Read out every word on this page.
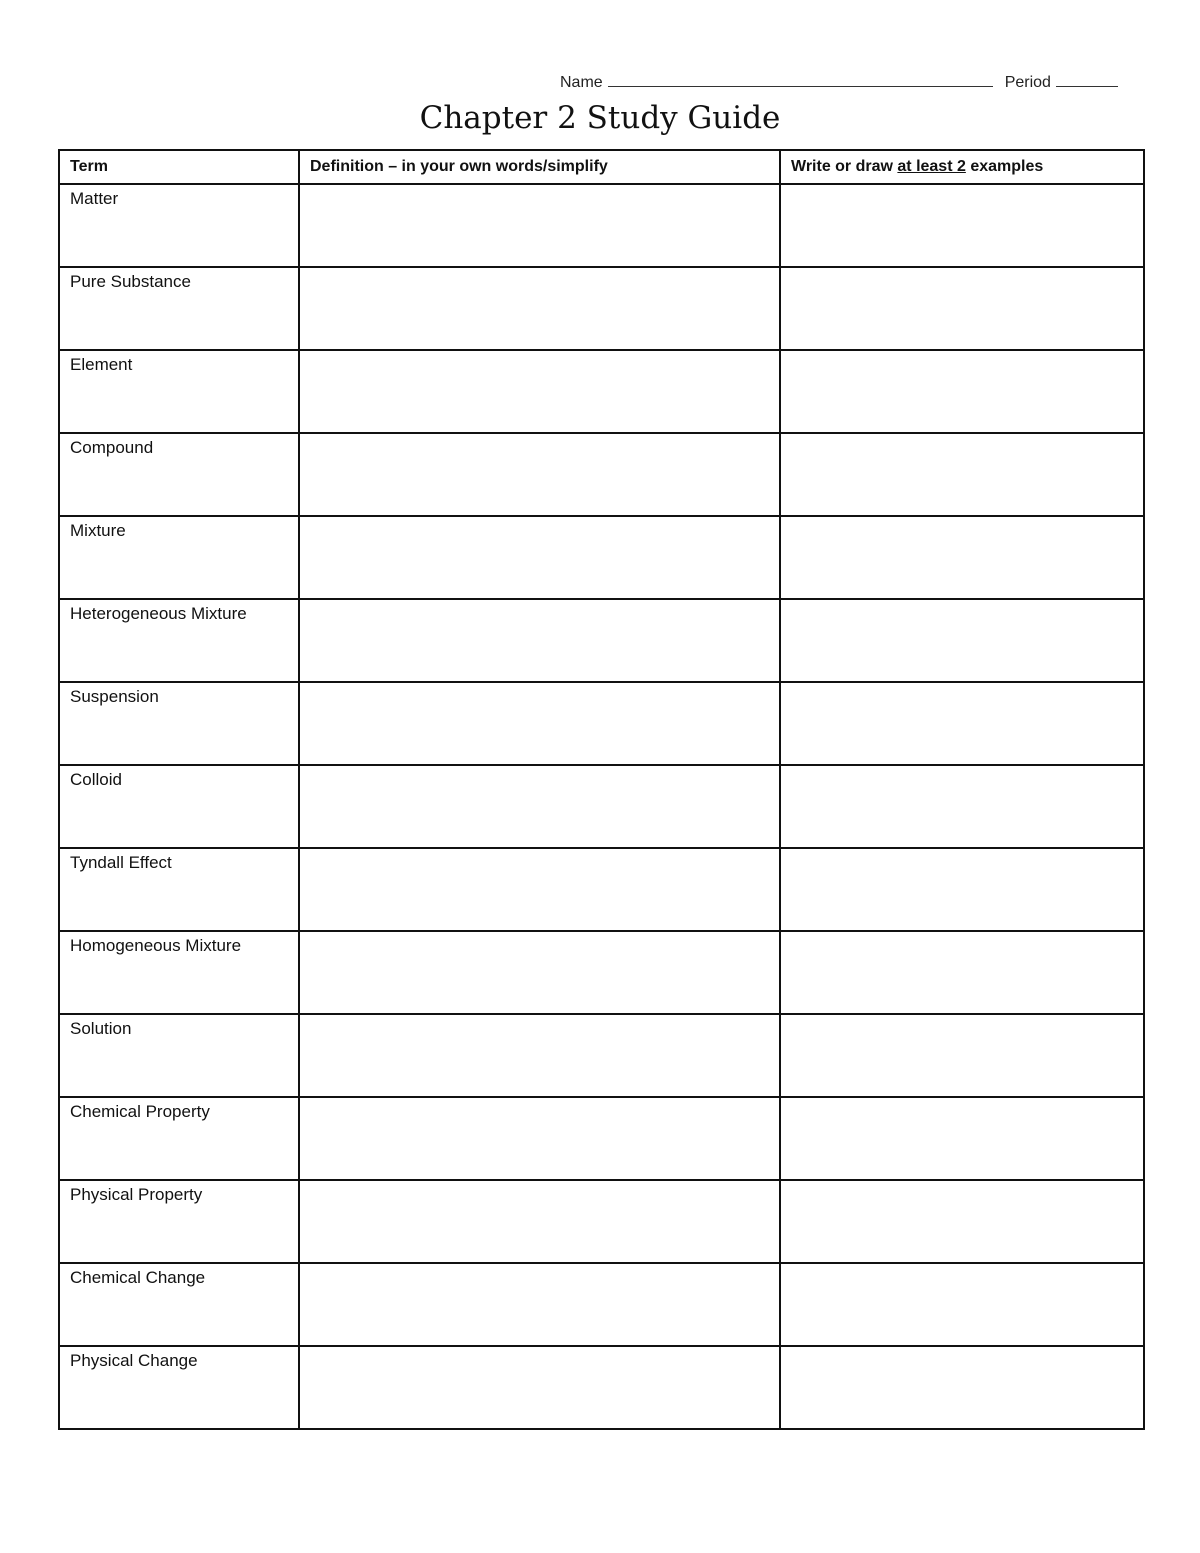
Name	Period
Chapter 2 Study Guide
Term	Definition – in your own words/simplify	Write or draw at least 2 examples
Matter		
Pure Substance		
Element		
Compound		
Mixture		
Heterogeneous Mixture		
Suspension		
Colloid		
Tyndall Effect		
Homogeneous Mixture		
Solution		
Chemical Property		
Physical Property		
Chemical Change		
Physical Change		
